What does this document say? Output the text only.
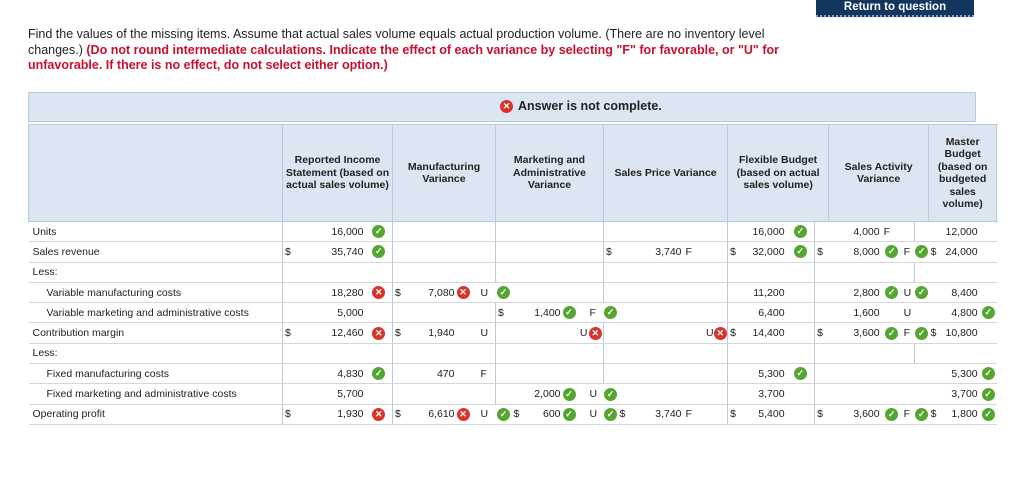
Return to question
Find the values of the missing items. Assume that actual sales volume equals actual production volume. (There are no inventory level changes.) (Do not round intermediate calculations. Indicate the effect of each variance by selecting "F" for favorable, or "U" for unfavorable. If there is no effect, do not select either option.)
✕ Answer is not complete.
	Reported Income Statement (based on actual sales volume)			Manufacturing Variance				Marketing and Administrative Variance				Sales Price Variance				Flexible Budget (based on actual sales volume)			Sales Activity Variance				Master Budget (based on budgeted sales volume)	
Units		16,000	✓													16,000	✓		4,000	F			12,000	
Sales revenue	$	35,740	✓									$	3,740	F		$ 32,000	✓	$	8,000	✓	F	✓	$ 24,000	
Less:																								
Variable manufacturing costs		18,280	✕	$	7,080	✕	U	✓								11,200			2,800	✓	U	✓	8,400	
Variable marketing and administrative costs		5,000						$	1,400	✓	F	✓				6,400			1,600		U		4,800	✓
Contribution margin	$	12,460	✕	$	1,940		U			U	✕			U	✕	$ 14,400		$	3,600	✓	F	✓	$ 10,800	
Less:																								
Fixed manufacturing costs		4,830	✓		470		F									5,300	✓						5,300	✓
Fixed marketing and administrative costs		5,700							2,000	✓	U	✓				3,700							3,700	✓
Operating profit	$	1,930	✕	$	6,610	✕	U	✓	$ 600	✓	U	✓	$ 3,740	F		$ 5,400		$	3,600	✓	F	✓	$ 1,800	✓
